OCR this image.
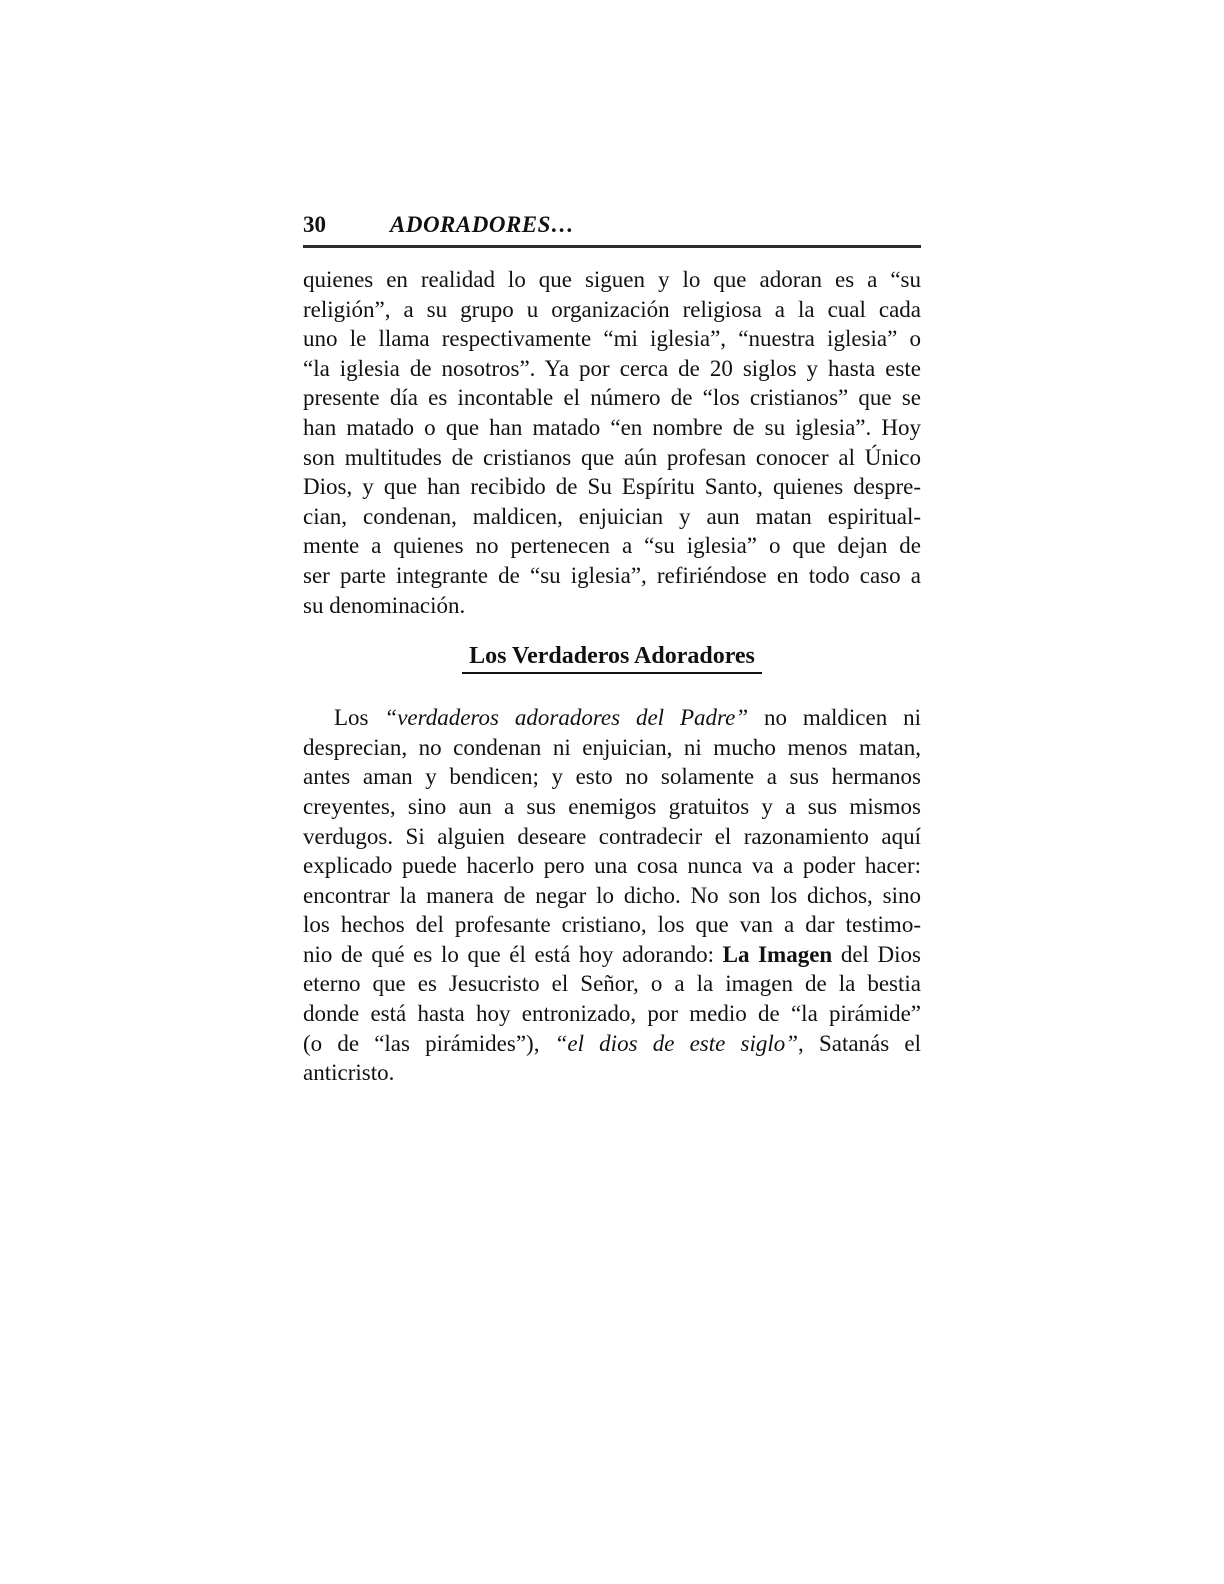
30	ADORADORES…
quienes en realidad lo que siguen y lo que adoran es a “su
religión”, a su grupo u organización religiosa a la cual cada
uno le llama respectivamente “mi iglesia”, “nuestra iglesia” o
“la iglesia de nosotros”. Ya por cerca de 20 siglos y hasta este
presente día es incontable el número de “los cristianos” que se
han matado o que han matado “en nombre de su iglesia”. Hoy
son multitudes de cristianos que aún profesan conocer al Único
Dios, y que han recibido de Su Espíritu Santo, quienes despre-
cian, condenan, maldicen, enjuician y aun matan espiritual-
mente a quienes no pertenecen a “su iglesia” o que dejan de
ser parte integrante de “su iglesia”, refiriéndose en todo caso a
su denominación.
Los Verdaderos Adoradores
Los “verdaderos adoradores del Padre” no maldicen ni
desprecian, no condenan ni enjuician, ni mucho menos matan,
antes aman y bendicen; y esto no solamente a sus hermanos
creyentes, sino aun a sus enemigos gratuitos y a sus mismos
verdugos. Si alguien deseare contradecir el razonamiento aquí
explicado puede hacerlo pero una cosa nunca va a poder hacer:
encontrar la manera de negar lo dicho. No son los dichos, sino
los hechos del profesante cristiano, los que van a dar testimo-
nio de qué es lo que él está hoy adorando: La Imagen del Dios
eterno que es Jesucristo el Señor, o a la imagen de la bestia
donde está hasta hoy entronizado, por medio de “la pirámide”
(o de “las pirámides”), “el dios de este siglo”, Satanás el
anticristo.
